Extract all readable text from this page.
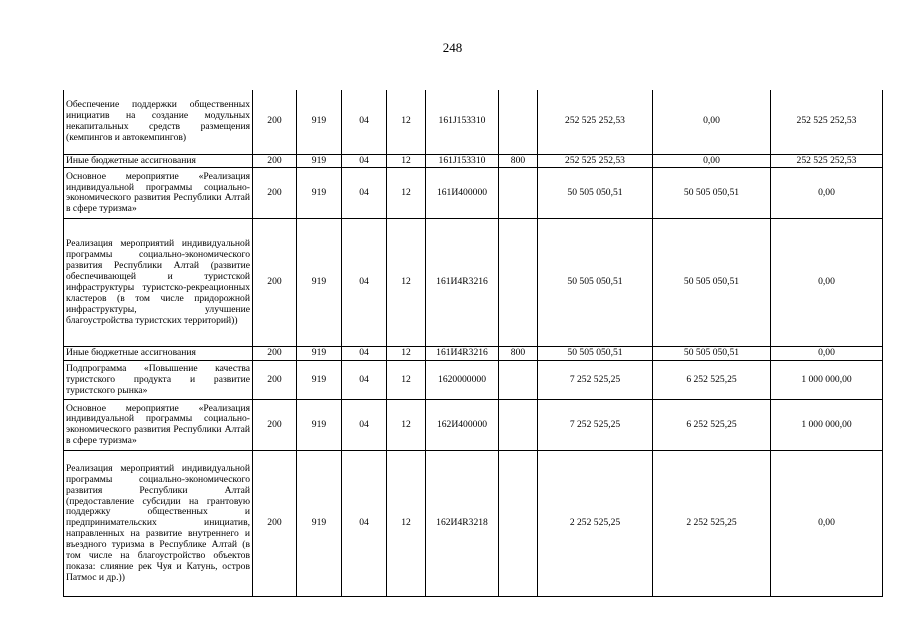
248
Обеспечение поддержки общественных инициатив на создание модульных некапитальных средств размещения (кемпингов и автокемпингов)	200	919	04	12	161J153310		252 525 252,53	0,00	252 525 252,53
Иные бюджетные ассигнования	200	919	04	12	161J153310	800	252 525 252,53	0,00	252 525 252,53
Основное мероприятие «Реализация индивидуальной программы социально-экономического развития Республики Алтай в сфере туризма»	200	919	04	12	161И400000		50 505 050,51	50 505 050,51	0,00
Реализация мероприятий индивидуальной программы социально-экономического развития Республики Алтай (развитие обеспечивающей и туристской инфраструктуры туристско-рекреационных кластеров (в том числе придорожной инфраструктуры, улучшение благоустройства туристских территорий))	200	919	04	12	161И4R3216		50 505 050,51	50 505 050,51	0,00
Иные бюджетные ассигнования	200	919	04	12	161И4R3216	800	50 505 050,51	50 505 050,51	0,00
Подпрограмма «Повышение качества туристского продукта и развитие туристского рынка»	200	919	04	12	1620000000		7 252 525,25	6 252 525,25	1 000 000,00
Основное мероприятие «Реализация индивидуальной программы социально-экономического развития Республики Алтай в сфере туризма»	200	919	04	12	162И400000		7 252 525,25	6 252 525,25	1 000 000,00
Реализация мероприятий индивидуальной программы социально-экономического развития Республики Алтай (предоставление субсидии на грантовую поддержку общественных и предпринимательских инициатив, направленных на развитие внутреннего и въездного туризма в Республике Алтай (в том числе на благоустройство объектов показа: слияние рек Чуя и Катунь, остров Патмос и др.))	200	919	04	12	162И4R3218		2 252 525,25	2 252 525,25	0,00
